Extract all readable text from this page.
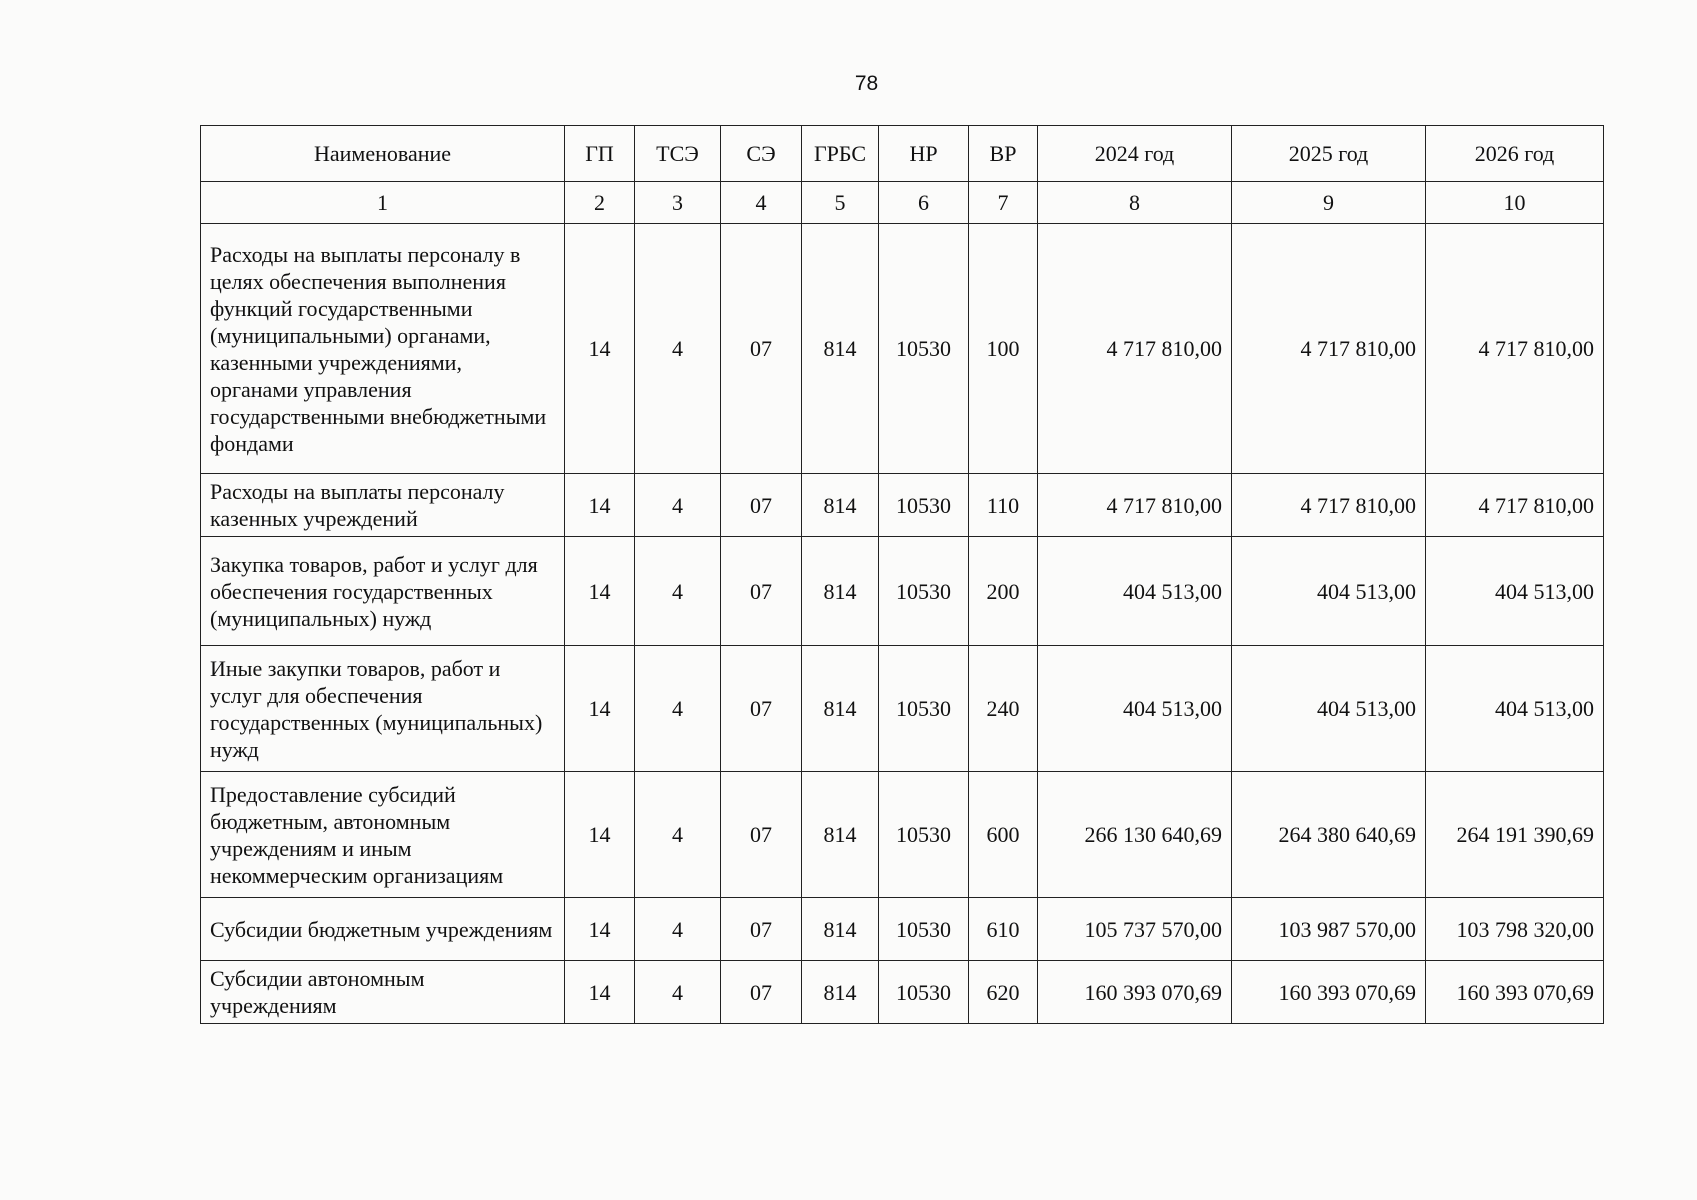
78
Наименование	ГП	ТСЭ	СЭ	ГРБС	НР	ВР	2024 год	2025 год	2026 год
1	2	3	4	5	6	7	8	9	10
Расходы на выплаты персоналу в целях обеспечения выполнения функций государственными (муниципальными) органами, казенными учреждениями, органами управления государственными внебюджетными фондами	14	4	07	814	10530	100	4 717 810,00	4 717 810,00	4 717 810,00
Расходы на выплаты персоналу казенных учреждений	14	4	07	814	10530	110	4 717 810,00	4 717 810,00	4 717 810,00
Закупка товаров, работ и услуг для обеспечения государственных (муниципальных) нужд	14	4	07	814	10530	200	404 513,00	404 513,00	404 513,00
Иные закупки товаров, работ и услуг для обеспечения государственных (муниципальных) нужд	14	4	07	814	10530	240	404 513,00	404 513,00	404 513,00
Предоставление субсидий бюджетным, автономным учреждениям и иным некоммерческим организациям	14	4	07	814	10530	600	266 130 640,69	264 380 640,69	264 191 390,69
Субсидии бюджетным учреждениям	14	4	07	814	10530	610	105 737 570,00	103 987 570,00	103 798 320,00
Субсидии автономным учреждениям	14	4	07	814	10530	620	160 393 070,69	160 393 070,69	160 393 070,69
